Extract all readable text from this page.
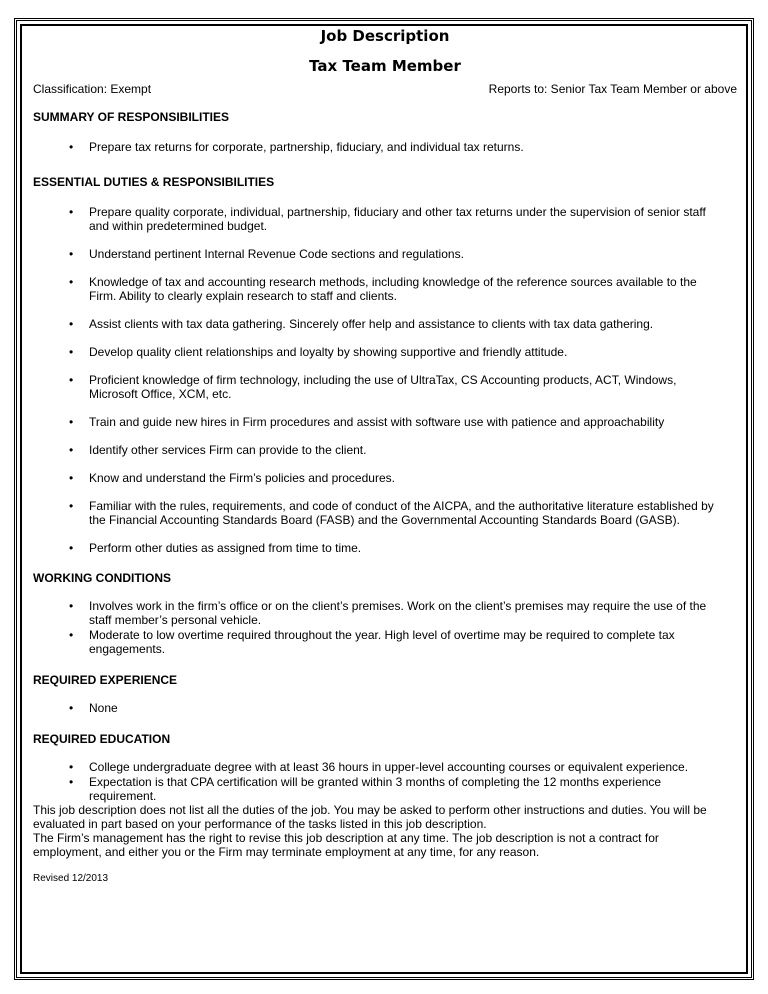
Job Description
Tax Team Member
Classification: Exempt	Reports to: Senior Tax Team Member or above
SUMMARY OF RESPONSIBILITIES
• Prepare tax returns for corporate, partnership, fiduciary, and individual tax returns.
ESSENTIAL DUTIES & RESPONSIBILITIES
• Prepare quality corporate, individual, partnership, fiduciary and other tax returns under the supervision of senior staff and within predetermined budget.
• Understand pertinent Internal Revenue Code sections and regulations.
• Knowledge of tax and accounting research methods, including knowledge of the reference sources available to the Firm. Ability to clearly explain research to staff and clients.
• Assist clients with tax data gathering. Sincerely offer help and assistance to clients with tax data gathering.
• Develop quality client relationships and loyalty by showing supportive and friendly attitude.
• Proficient knowledge of firm technology, including the use of UltraTax, CS Accounting products, ACT, Windows, Microsoft Office, XCM, etc.
• Train and guide new hires in Firm procedures and assist with software use with patience and approachability
• Identify other services Firm can provide to the client.
• Know and understand the Firm’s policies and procedures.
• Familiar with the rules, requirements, and code of conduct of the AICPA, and the authoritative literature established by the Financial Accounting Standards Board (FASB) and the Governmental Accounting Standards Board (GASB).
• Perform other duties as assigned from time to time.
WORKING CONDITIONS
• Involves work in the firm’s office or on the client’s premises. Work on the client’s premises may require the use of the staff member’s personal vehicle.
• Moderate to low overtime required throughout the year. High level of overtime may be required to complete tax engagements.
REQUIRED EXPERIENCE
• None
REQUIRED EDUCATION
• College undergraduate degree with at least 36 hours in upper-level accounting courses or equivalent experience.
• Expectation is that CPA certification will be granted within 3 months of completing the 12 months experience requirement.

This job description does not list all the duties of the job. You may be asked to perform other instructions and duties. You will be evaluated in part based on your performance of the tasks listed in this job description.

The Firm’s management has the right to revise this job description at any time. The job description is not a contract for employment, and either you or the Firm may terminate employment at any time, for any reason.

Revised 12/2013
